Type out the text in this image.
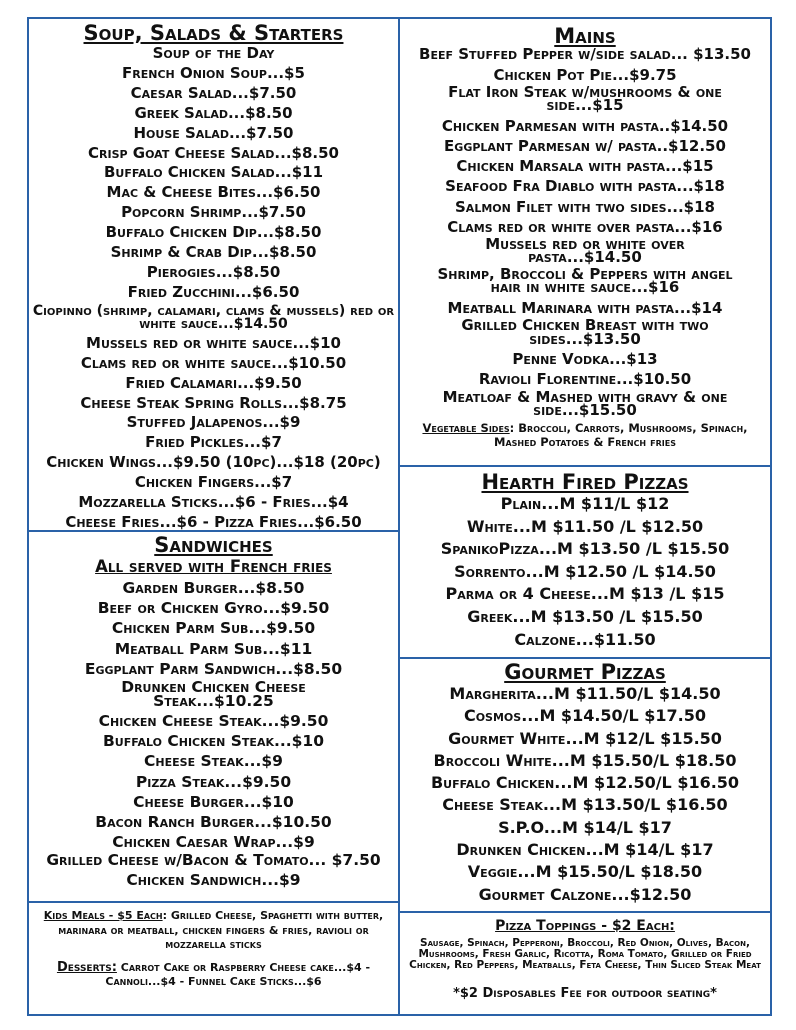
Soup, Salads & Starters
Soup of the Day
French Onion Soup...$5
Caesar Salad...$7.50
Greek Salad...$8.50
House Salad...$7.50
Crisp Goat Cheese Salad...$8.50
Buffalo Chicken Salad...$11
Mac & Cheese Bites...$6.50
Popcorn Shrimp...$7.50
Buffalo Chicken Dip...$8.50
Shrimp & Crab Dip...$8.50
Pierogies...$8.50
Fried Zucchini...$6.50
Ciopinno (shrimp, calamari, clams & mussels) red or white sauce...$14.50
Mussels red or white sauce...$10
Clams red or white sauce...$10.50
Fried Calamari...$9.50
Cheese Steak Spring Rolls...$8.75
Stuffed Jalapenos...$9
Fried Pickles...$7
Chicken Wings...$9.50 (10pc)...$18 (20pc)
Chicken Fingers...$7
Mozzarella Sticks...$6 - Fries...$4
Cheese Fries...$6 - Pizza Fries...$6.50
Sandwiches
All served with French fries
Garden Burger...$8.50
Beef or Chicken Gyro...$9.50
Chicken Parm Sub...$9.50
Meatball Parm Sub...$11
Eggplant Parm Sandwich...$8.50
Drunken Chicken Cheese Steak...$10.25
Chicken Cheese Steak...$9.50
Buffalo Chicken Steak...$10
Cheese Steak...$9
Pizza Steak...$9.50
Cheese Burger...$10
Bacon Ranch Burger...$10.50
Chicken Caesar Wrap...$9
Grilled Cheese w/Bacon & Tomato... $7.50
Chicken Sandwich...$9
Kids Meals - $5 Each: Grilled Cheese, Spaghetti with butter, marinara or meatball, chicken fingers & fries, ravioli or mozzarella sticks
Desserts: Carrot Cake or Raspberry Cheese cake...$4 - Cannoli...$4 - Funnel Cake Sticks...$6
Mains
Beef Stuffed Pepper w/side salad... $13.50
Chicken Pot Pie...$9.75
Flat Iron Steak w/mushrooms & one side...$15
Chicken Parmesan with pasta..$14.50
Eggplant Parmesan w/ pasta..$12.50
Chicken Marsala with pasta...$15
Seafood Fra Diablo with pasta...$18
Salmon Filet with two sides...$18
Clams red or white over pasta...$16
Mussels red or white over pasta...$14.50
Shrimp, Broccoli & Peppers with angel hair in white sauce...$16
Meatball Marinara with pasta...$14
Grilled Chicken Breast with two sides...$13.50
Penne Vodka...$13
Ravioli Florentine...$10.50
Meatloaf & Mashed with gravy & one side...$15.50
Vegetable Sides: Broccoli, Carrots, Mushrooms, Spinach, Mashed Potatoes & French fries
Hearth Fired Pizzas
Plain...M $11/L $12
White...M $11.50 /L $12.50
SpanikoPizza...M $13.50 /L $15.50
Sorrento...M $12.50 /L $14.50
Parma or 4 Cheese...M $13 /L $15
Greek...M $13.50 /L $15.50
Calzone...$11.50
Gourmet Pizzas
Margherita...M $11.50/L $14.50
Cosmos...M $14.50/L $17.50
Gourmet White...M $12/L $15.50
Broccoli White...M $15.50/L $18.50
Buffalo Chicken...M $12.50/L $16.50
Cheese Steak...M $13.50/L $16.50
S.P.O...M $14/L $17
Drunken Chicken...M $14/L $17
Veggie...M $15.50/L $18.50
Gourmet Calzone...$12.50
Pizza Toppings - $2 Each:
Sausage, Spinach, Pepperoni, Broccoli, Red Onion, Olives, Bacon, Mushrooms, Fresh Garlic, Ricotta, Roma Tomato, Grilled or Fried Chicken, Red Peppers, Meatballs, Feta Cheese, Thin Sliced Steak Meat
*$2 Disposables Fee for outdoor seating*
